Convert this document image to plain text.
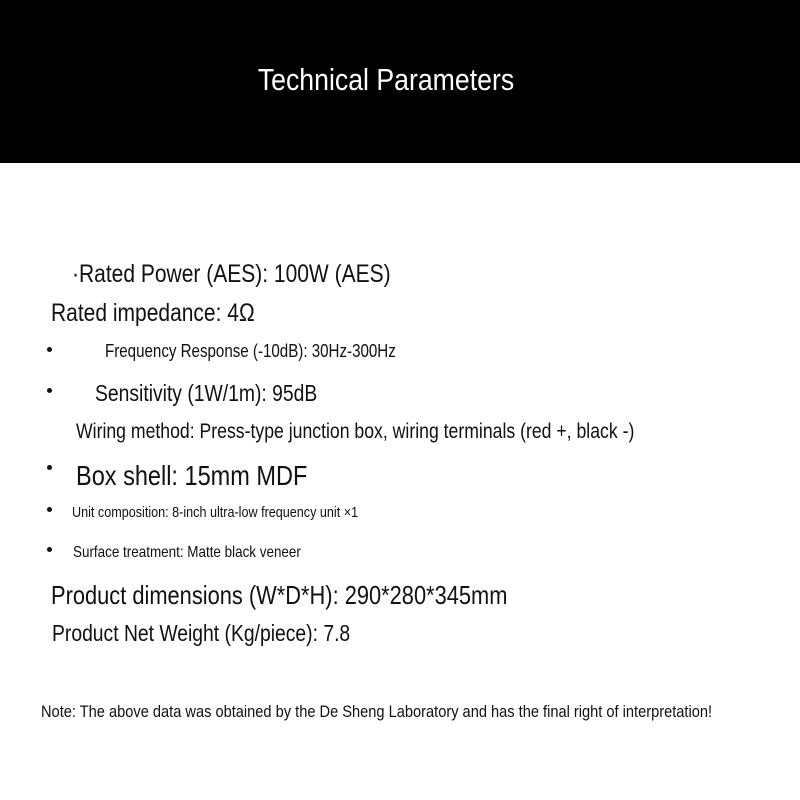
Technical Parameters
·Rated Power (AES): 100W (AES)
Rated impedance: 4Ω
Frequency Response (-10dB): 30Hz-300Hz
Sensitivity (1W/1m): 95dB
Wiring method: Press-type junction box, wiring terminals (red +, black -)
Box shell: 15mm MDF
Unit composition: 8-inch ultra-low frequency unit ×1
Surface treatment: Matte black veneer
Product dimensions (W*D*H): 290*280*345mm
Product Net Weight (Kg/piece): 7.8
Note: The above data was obtained by the De Sheng Laboratory and has the final right of interpretation!
